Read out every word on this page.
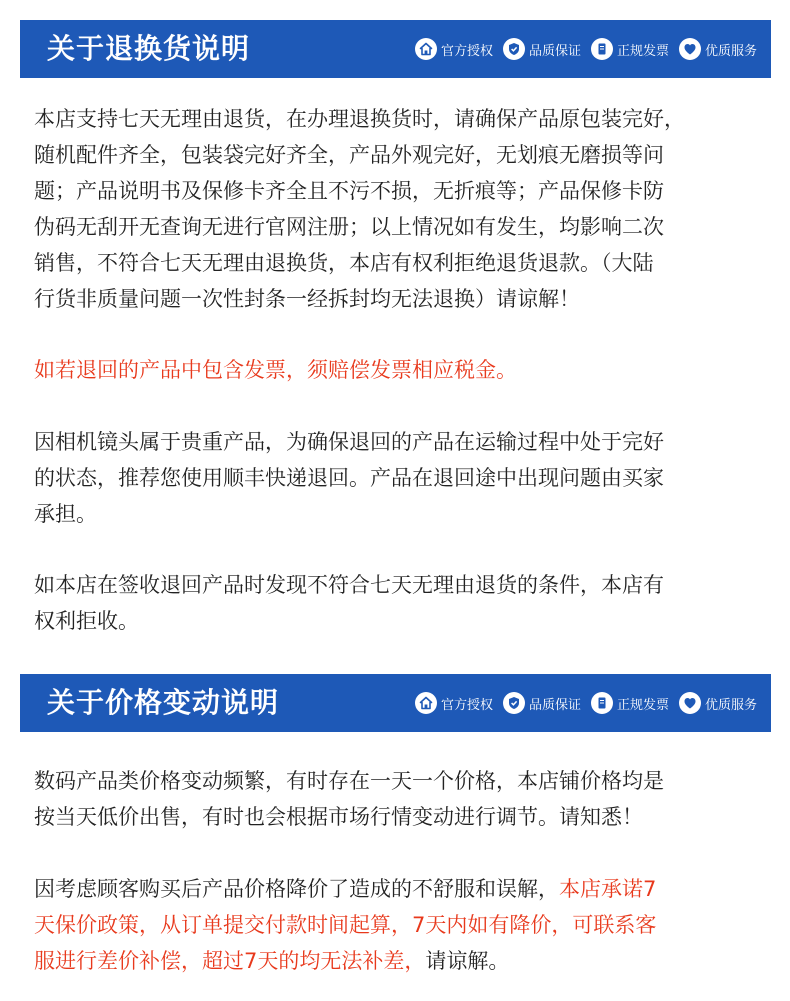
关于退换货说明	官方授权	品质保证	正规发票	优质服务

本店支持七天无理由退货，在办理退换货时，请确保产品原包装完好，
随机配件齐全，包装袋完好齐全，产品外观完好，无划痕无磨损等问
题；产品说明书及保修卡齐全且不污不损，无折痕等；产品保修卡防
伪码无刮开无查询无进行官网注册；以上情况如有发生，均影响二次
销售，不符合七天无理由退换货，本店有权利拒绝退货退款。（大陆
行货非质量问题一次性封条一经拆封均无法退换）请谅解！

如若退回的产品中包含发票，须赔偿发票相应税金。

因相机镜头属于贵重产品，为确保退回的产品在运输过程中处于完好
的状态，推荐您使用顺丰快递退回。产品在退回途中出现问题由买家
承担。

如本店在签收退回产品时发现不符合七天无理由退货的条件，本店有
权利拒收。

关于价格变动说明	官方授权	品质保证	正规发票	优质服务

数码产品类价格变动频繁，有时存在一天一个价格，本店铺价格均是
按当天低价出售，有时也会根据市场行情变动进行调节。请知悉！

因考虑顾客购买后产品价格降价了造成的不舒服和误解，本店承诺7
天保价政策，从订单提交付款时间起算，7天内如有降价，可联系客
服进行差价补偿，超过7天的均无法补差，请谅解。
